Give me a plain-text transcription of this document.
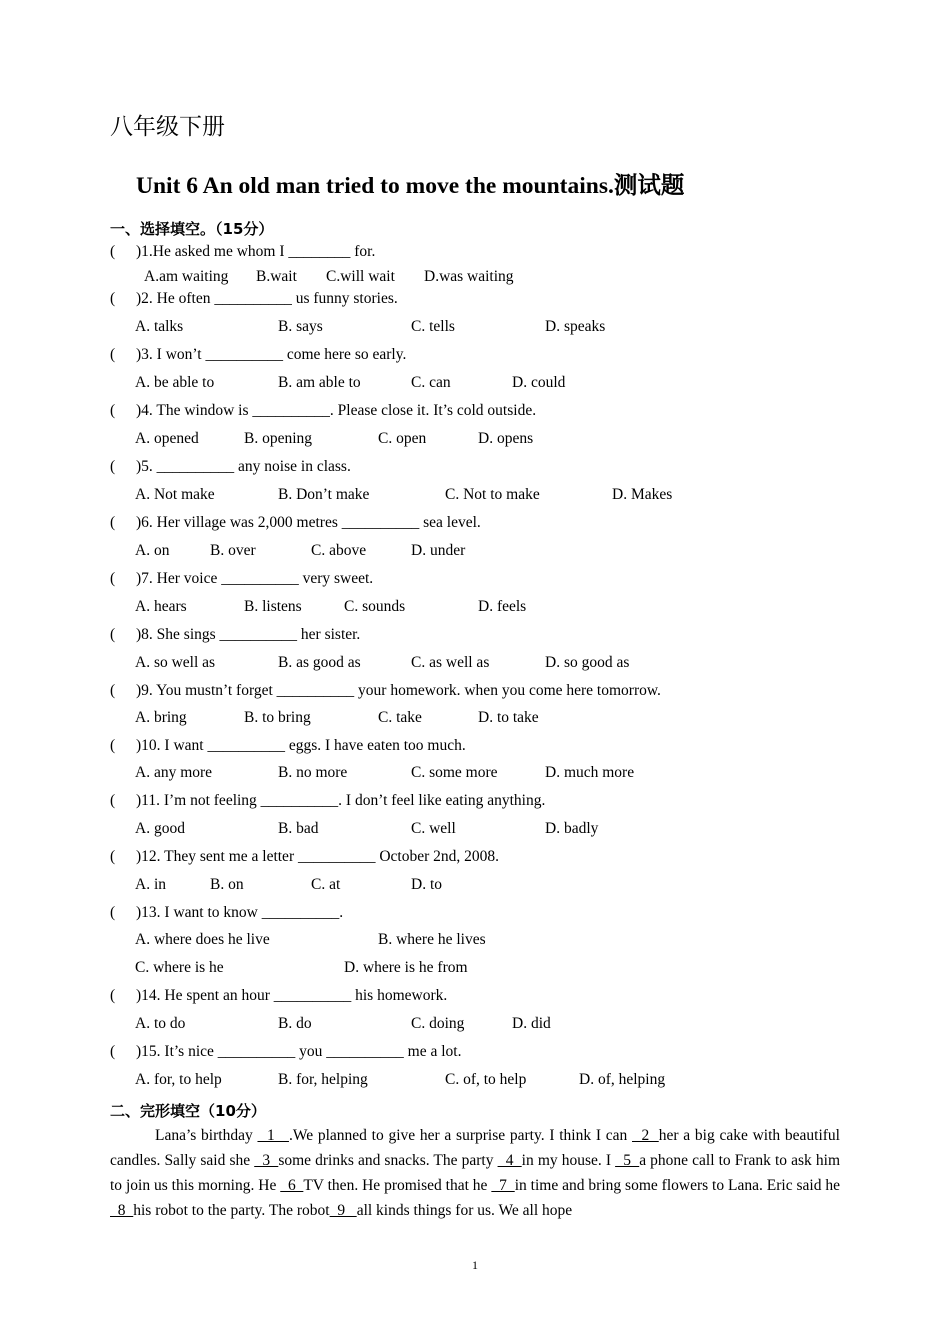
八年级下册
Unit 6 An old man tried to move the mountains.测试题
一、选择填空。（15分）
( )1.He asked me whom I ________ for.
A.am waiting B.wait C.will wait D.was waiting
( )2. He often __________ us funny stories.
A. talks	B. says	C. tells	D. speaks
( )3. I won’t __________ come here so early.
A. be able to	B. am able to	C. can	D. could
( )4. The window is __________. Please close it. It’s cold outside.
A. opened	B. opening	C. open	D. opens
( )5. __________ any noise in class.
A. Not make	B. Don’t make	C. Not to make	D. Makes
( )6. Her village was 2,000 metres __________ sea level.
A. on	B. over	C. above	D. under
( )7. Her voice __________ very sweet.
A. hears	B. listens	C. sounds	D. feels
( )8. She sings __________ her sister.
A. so well as	B. as good as	C. as well as	D. so good as
( )9. You mustn’t forget __________ your homework. when you come here tomorrow.
A. bring	B. to bring	C. take	D. to take
( )10. I want __________ eggs. I have eaten too much.
A. any more	B. no more	C. some more	D. much more
( )11. I’m not feeling __________. I don’t feel like eating anything.
A. good	B. bad	C. well	D. badly
( )12. They sent me a letter __________ October 2nd, 2008.
A. in	B. on	C. at	D. to
( )13. I want to know __________.
A. where does he live	B. where he lives
C. where is he	D. where is he from
( )14. He spent an hour __________ his homework.
A. to do	B. do	C. doing	D. did
( )15. It’s nice __________ you __________ me a lot.
A. for, to help	B. for, helping	C. of, to help	D. of, helping
二、完形填空（10分）
Lana’s birthday   1   .We planned to give her a surprise party. I think I can   2  her a big cake with beautiful candles. Sally said she   3  some drinks and snacks. The party   4  in my house. I   5  a phone call to Frank to ask him to join us this morning. He   6  TV then. He promised that he   7  in time and bring some flowers to Lana. Eric said he   8  his robot to the party. The robot  9   all kinds things for us. We all hope
1
